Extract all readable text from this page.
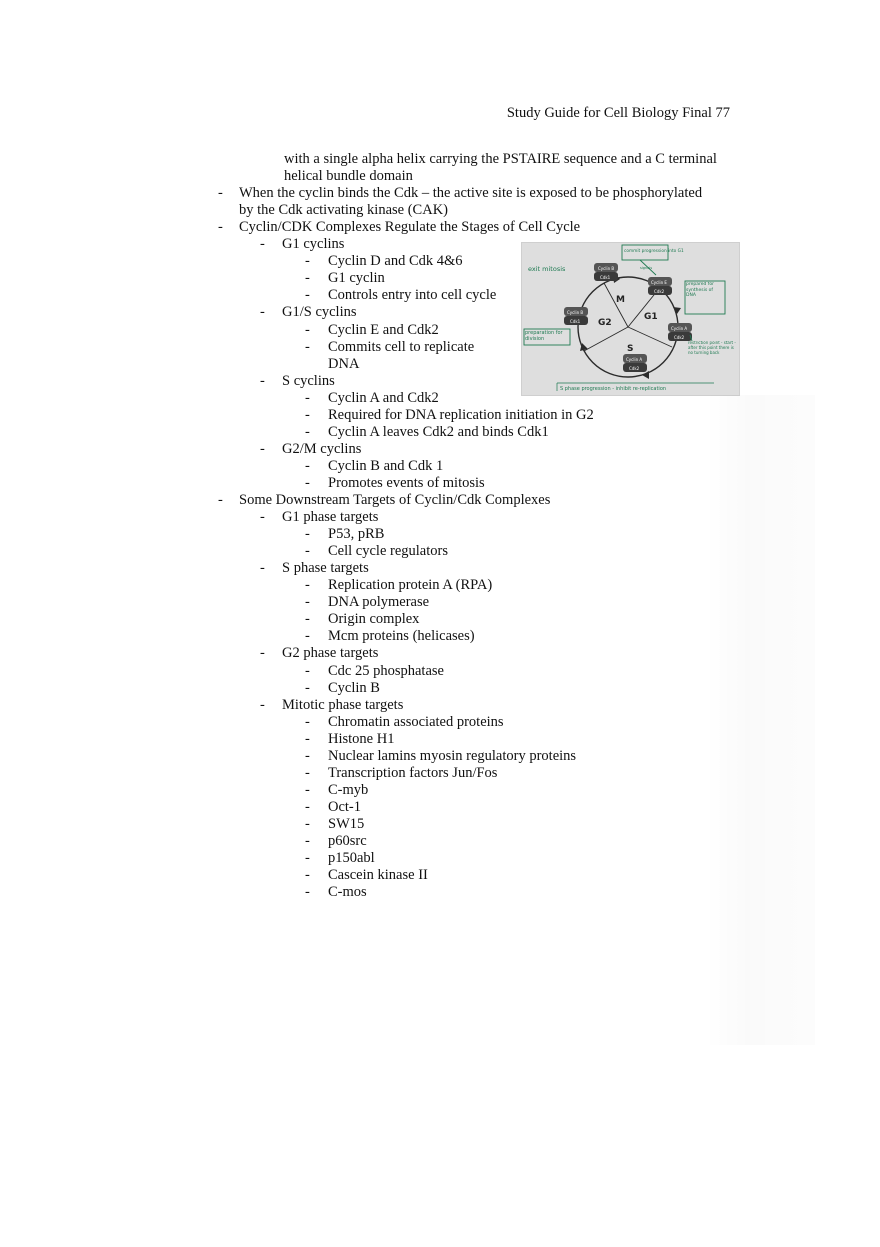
Study Guide for Cell Biology Final 77
with a single alpha helix carrying the PSTAIRE sequence and a C terminal
helical bundle domain
- When the cyclin binds the Cdk – the active site is exposed to be phosphorylated
by the Cdk activating kinase (CAK)
- Cyclin/CDK Complexes Regulate the Stages of Cell Cycle
- G1 cyclins
- Cyclin D and Cdk 4&6
- G1 cyclin
- Controls entry into cell cycle
- G1/S cyclins
- Cyclin E and Cdk2
- Commits cell to replicate
DNA
- S cyclins
- Cyclin A and Cdk2
- Required for DNA replication initiation in G2
- Cyclin A leaves Cdk2 and binds Cdk1
- G2/M cyclins
- Cyclin B and Cdk 1
- Promotes events of mitosis
- Some Downstream Targets of Cyclin/Cdk Complexes
- G1 phase targets
- P53, pRB
- Cell cycle regulators
- S phase targets
- Replication protein A (RPA)
- DNA polymerase
- Origin complex
- Mcm proteins (helicases)
- G2 phase targets
- Cdc 25 phosphatase
- Cyclin B
- Mitotic phase targets
- Chromatin associated proteins
- Histone H1
- Nuclear lamins myosin regulatory proteins
- Transcription factors Jun/Fos
- C-myb
- Oct-1
- SW15
- p60src
- p150abl
- Cascein kinase II
- C-mos
M
G1
G2
S
Cyclin B
Cdk1
Cyclin E
Cdk2
Cyclin A
Cdk2
Cyclin A
Cdk2
Cyclin B
Cdk1
commit progression into G1
exit mitosis	signals
prepared for synthesis of DNA
preparation for division
restriction point - start - after this point there is no turning back
S phase progression - inhibit re-replication
